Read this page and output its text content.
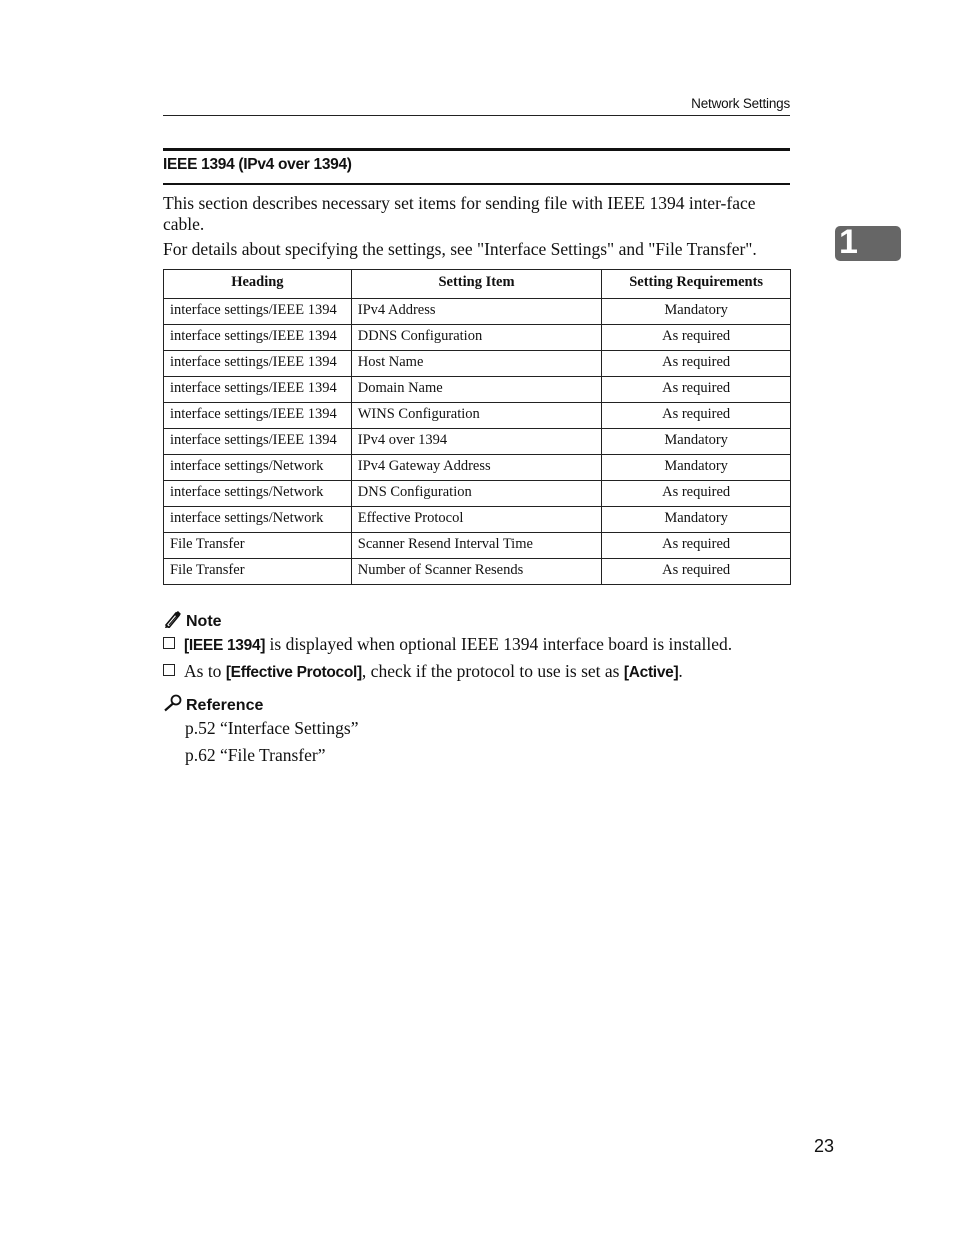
Network Settings
1
IEEE 1394 (IPv4 over 1394)
This section describes necessary set items for sending file with IEEE 1394 inter-face cable.
For details about specifying the settings, see "Interface Settings" and "File Transfer".
Heading	Setting Item	Setting Requirements
interface settings/IEEE 1394	IPv4 Address	Mandatory
interface settings/IEEE 1394	DDNS Configuration	As required
interface settings/IEEE 1394	Host Name	As required
interface settings/IEEE 1394	Domain Name	As required
interface settings/IEEE 1394	WINS Configuration	As required
interface settings/IEEE 1394	IPv4 over 1394	Mandatory
interface settings/Network	IPv4 Gateway Address	Mandatory
interface settings/Network	DNS Configuration	As required
interface settings/Network	Effective Protocol	Mandatory
File Transfer	Scanner Resend Interval Time	As required
File Transfer	Number of Scanner Resends	As required
Note
[IEEE 1394] is displayed when optional IEEE 1394 interface board is installed.
As to [Effective Protocol], check if the protocol to use is set as [Active].
Reference
p.52 “Interface Settings”
p.62 “File Transfer”
23
